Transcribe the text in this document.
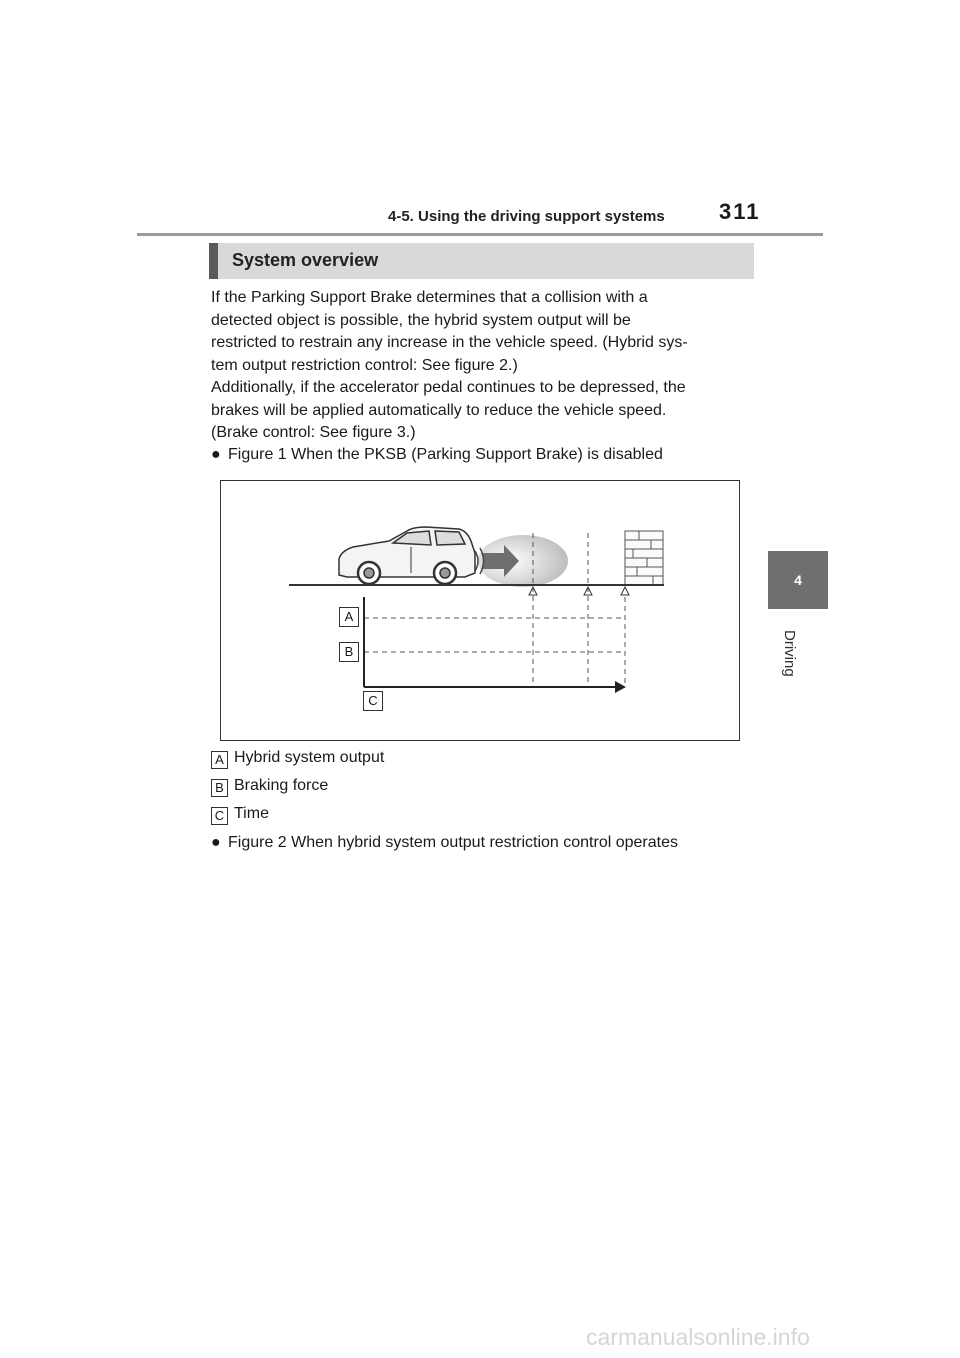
4-5. Using the driving support systems 311
4
Driving
System overview
If the Parking Support Brake determines that a collision with a
detected object is possible, the hybrid system output will be
restricted to restrain any increase in the vehicle speed. (Hybrid sys-
tem output restriction control: See figure 2.)
Additionally, if the accelerator pedal continues to be depressed, the
brakes will be applied automatically to reduce the vehicle speed.
(Brake control: See figure 3.)
● Figure 1 When the PKSB (Parking Support Brake) is disabled
A
B
C
A Hybrid system output
B Braking force
C Time
● Figure 2 When hybrid system output restriction control operates
carmanualsonline.info
